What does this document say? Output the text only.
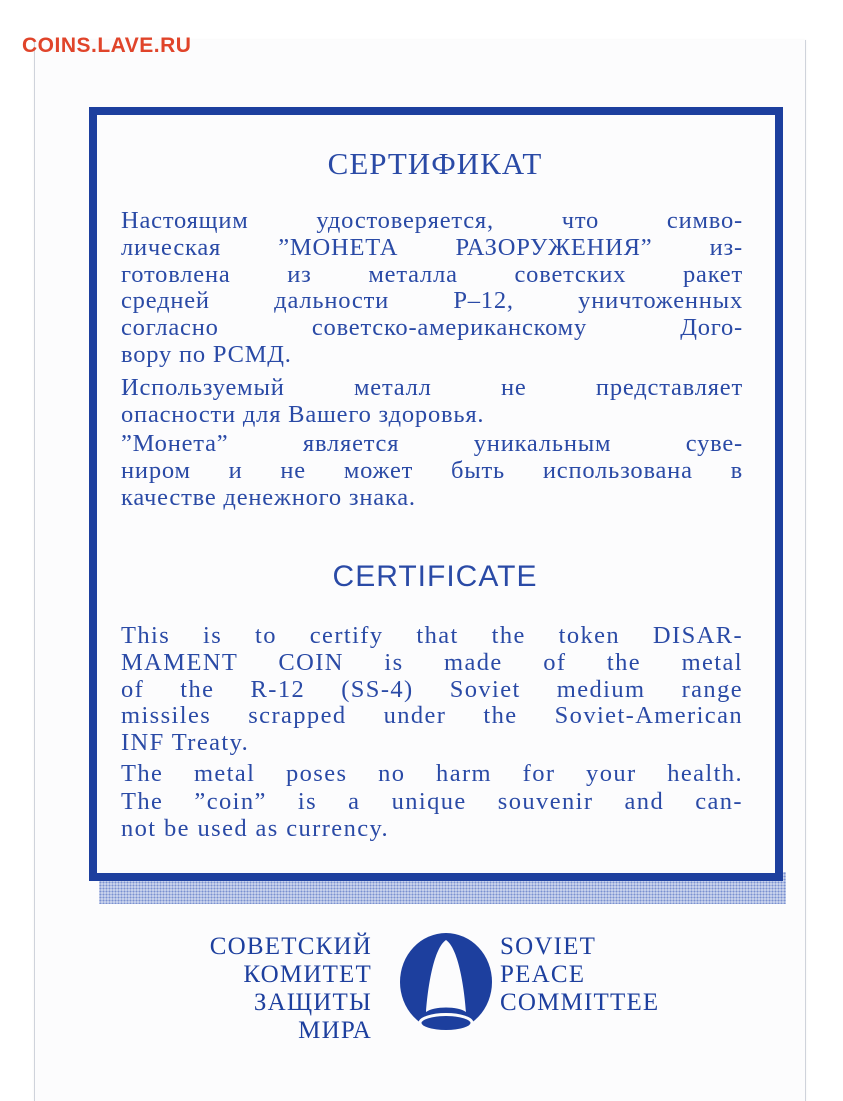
COINS.LAVE.RU
СЕРТИФИКАТ
Настоящим удостоверяется, что симво-
лическая ”МОНЕТА РАЗОРУЖЕНИЯ” из-
готовлена из металла советских ракет
средней дальности Р–12, уничтоженных
согласно советско-американскому Дого-
вору по РСМД.
Используемый металл не представляет
опасности для Вашего здоровья.
”Монета” является уникальным суве-
ниром и не может быть использована в
качестве денежного знака.
CERTIFICATE
This is to certify that the token DISAR-
MAMENT COIN is made of the metal
of the R-12 (SS-4) Soviet medium range
missiles scrapped under the Soviet-American
INF Treaty.
The metal poses no harm for your health.
The ”coin” is a unique souvenir and can-
not be used as currency.
СОВЕТСКИЙ
КОМИТЕТ
ЗАЩИТЫ
МИРА
SOVIET
PEACE
COMMITTEE
